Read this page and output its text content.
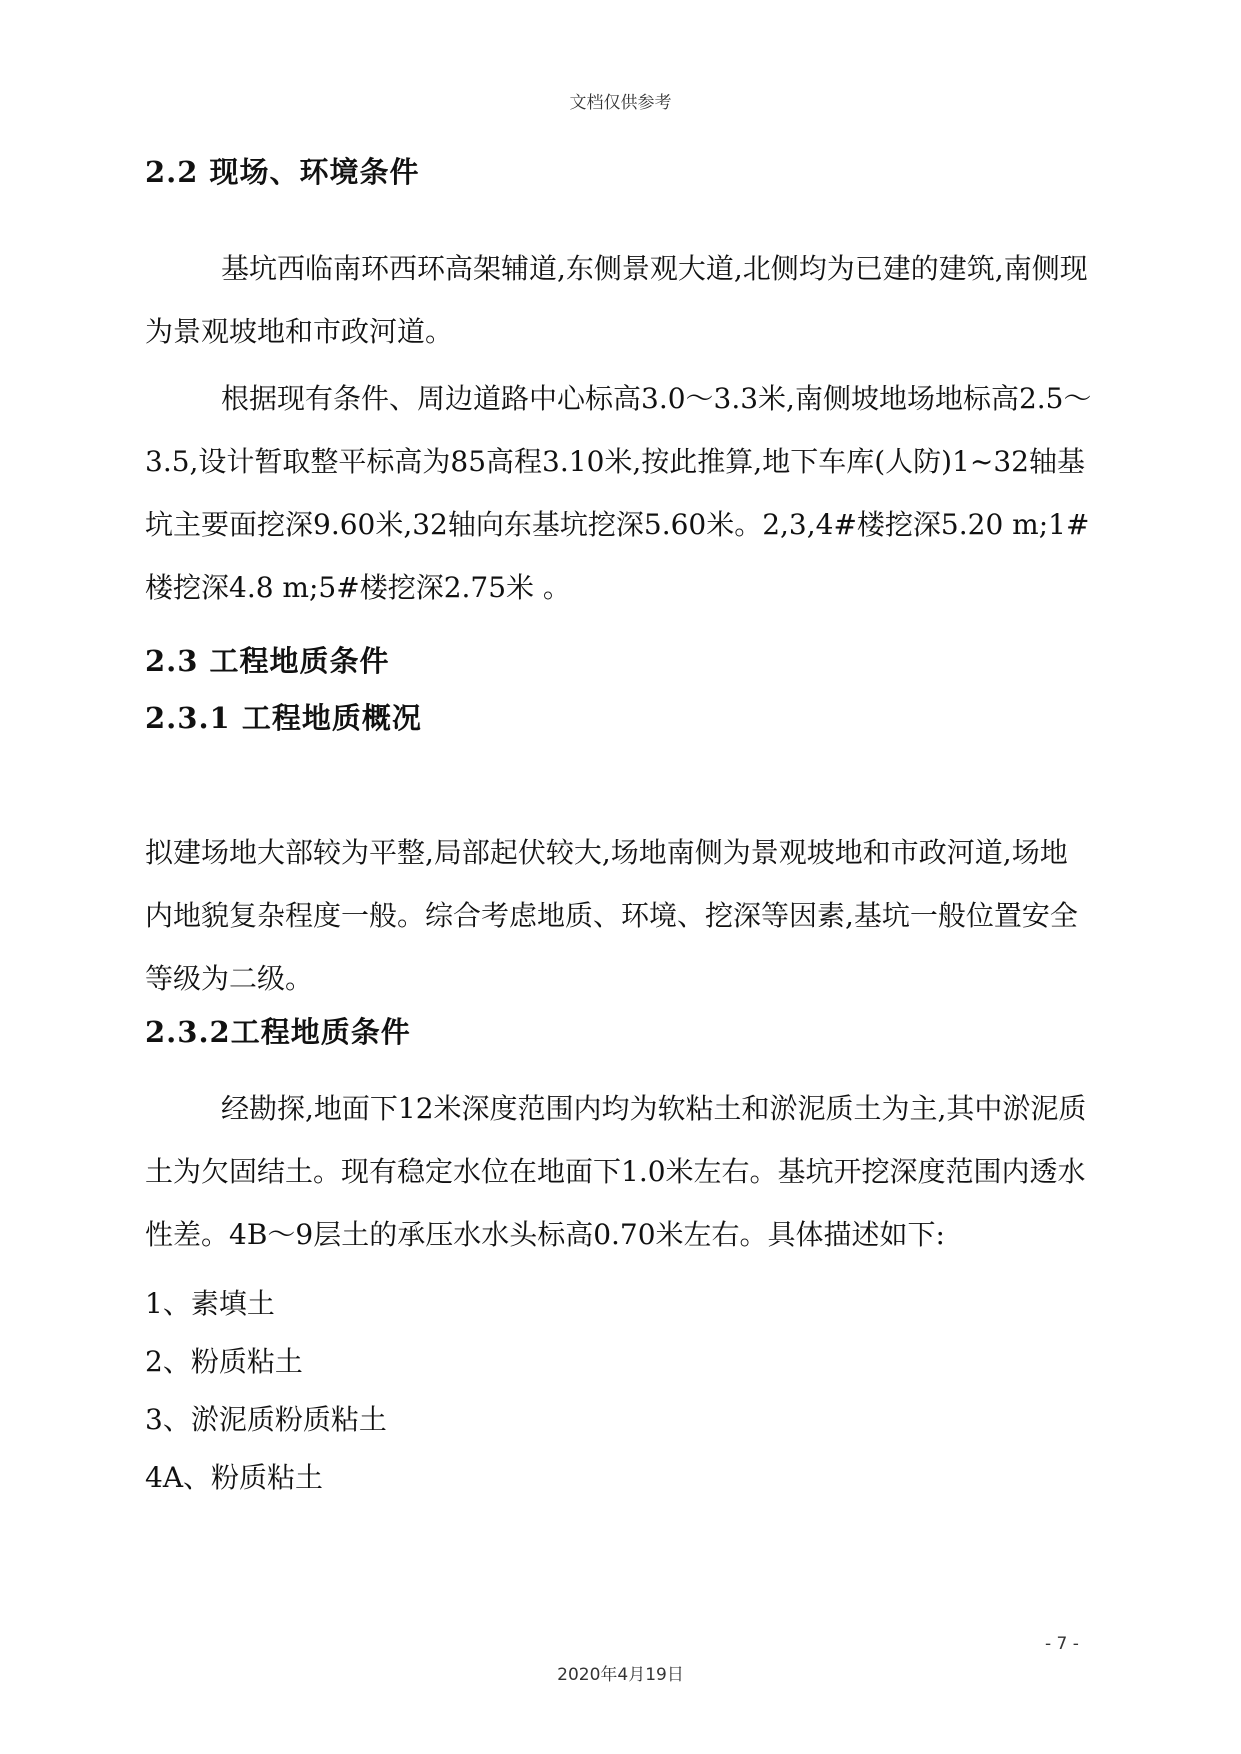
文档仅供参考
2.2 现场、环境条件

基坑西临南环西环高架辅道,东侧景观大道,北侧均为已建的建筑,南侧现为景观坡地和市政河道。

根据现有条件、周边道路中心标高3.0～3.3米,南侧坡地场地标高2.5～3.5,设计暂取整平标高为85高程3.10米,按此推算,地下车库(人防)1~32轴基坑主要面挖深9.60米,32轴向东基坑挖深5.60米。2,3,4#楼挖深5.20 m;1#楼挖深4.8 m;5#楼挖深2.75米 。

2.3 工程地质条件
2.3.1 工程地质概况

拟建场地大部较为平整,局部起伏较大,场地南侧为景观坡地和市政河道,场地内地貌复杂程度一般。综合考虑地质、环境、挖深等因素,基坑一般位置安全等级为二级。

2.3.2工程地质条件

经勘探,地面下12米深度范围内均为软粘土和淤泥质土为主,其中淤泥质土为欠固结土。现有稳定水位在地面下1.0米左右。基坑开挖深度范围内透水性差。4B～9层土的承压水水头标高0.70米左右。具体描述如下:

1、素填土

2、粉质粘土

3、淤泥质粉质粘土

4A、粉质粘土

- 7 -
2020年4月19日
